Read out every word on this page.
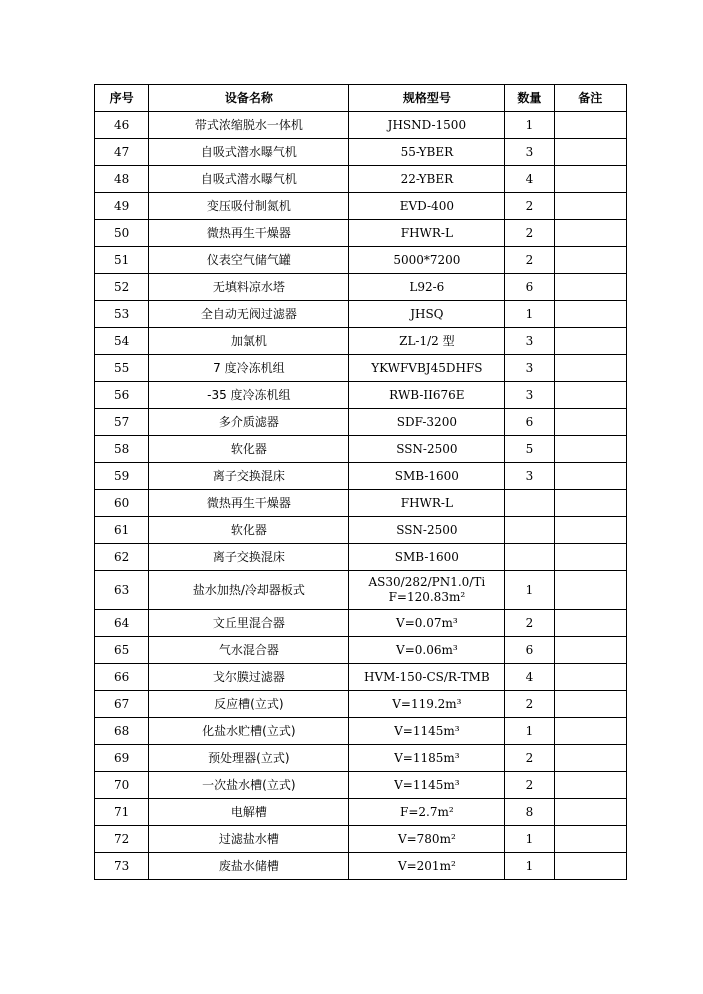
序号	设备名称	规格型号	数量	备注
46	带式浓缩脱水一体机	JHSND-1500	1	
47	自吸式潜水曝气机	55-YBER	3	
48	自吸式潜水曝气机	22-YBER	4	
49	变压吸付制氮机	EVD-400	2	
50	微热再生干燥器	FHWR-L	2	
51	仪表空气储气罐	5000*7200	2	
52	无填料凉水塔	L92-6	6	
53	全自动无阀过滤器	JHSQ	1	
54	加氯机	ZL-1/2 型	3	
55	7 度冷冻机组	YKWFVBJ45DHFS	3	
56	-35 度冷冻机组	RWB-II676E	3	
57	多介质滤器	SDF-3200	6	
58	软化器	SSN-2500	5	
59	离子交换混床	SMB-1600	3	
60	微热再生干燥器	FHWR-L		
61	软化器	SSN-2500		
62	离子交换混床	SMB-1600		
63	盐水加热/冷却器板式	AS30/282/PN1.0/Ti
F=120.83m²	1	
64	文丘里混合器	V=0.07m³	2	
65	气水混合器	V=0.06m³	6	
66	戈尔膜过滤器	HVM-150-CS/R-TMB	4	
67	反应槽(立式)	V=119.2m³	2	
68	化盐水贮槽(立式)	V=1145m³	1	
69	预处理器(立式)	V=1185m³	2	
70	一次盐水槽(立式)	V=1145m³	2	
71	电解槽	F=2.7m²	8	
72	过滤盐水槽	V=780m²	1	
73	废盐水储槽	V=201m²	1	
